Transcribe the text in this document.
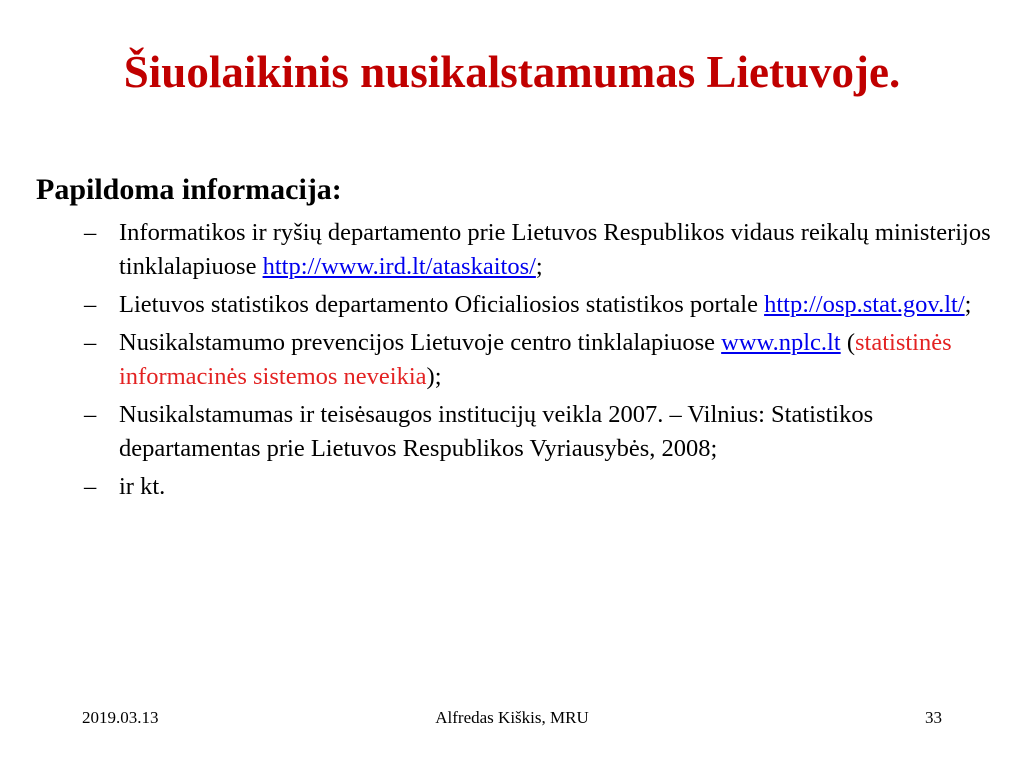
Šiuolaikinis nusikalstamumas Lietuvoje.

Papildoma informacija:

– Informatikos ir ryšių departamento prie Lietuvos Respublikos vidaus reikalų ministerijos tinklalapiuose http://www.ird.lt/ataskaitos/;
– Lietuvos statistikos departamento Oficialiosios statistikos portale http://osp.stat.gov.lt/;
– Nusikalstamumo prevencijos Lietuvoje centro tinklalapiuose www.nplc.lt (statistinės informacinės sistemos neveikia);
– Nusikalstamumas ir teisėsaugos institucijų veikla 2007. – Vilnius: Statistikos departamentas prie Lietuvos Respublikos Vyriausybės, 2008;
– ir kt.
2019.03.13	Alfredas Kiškis, MRU	33
